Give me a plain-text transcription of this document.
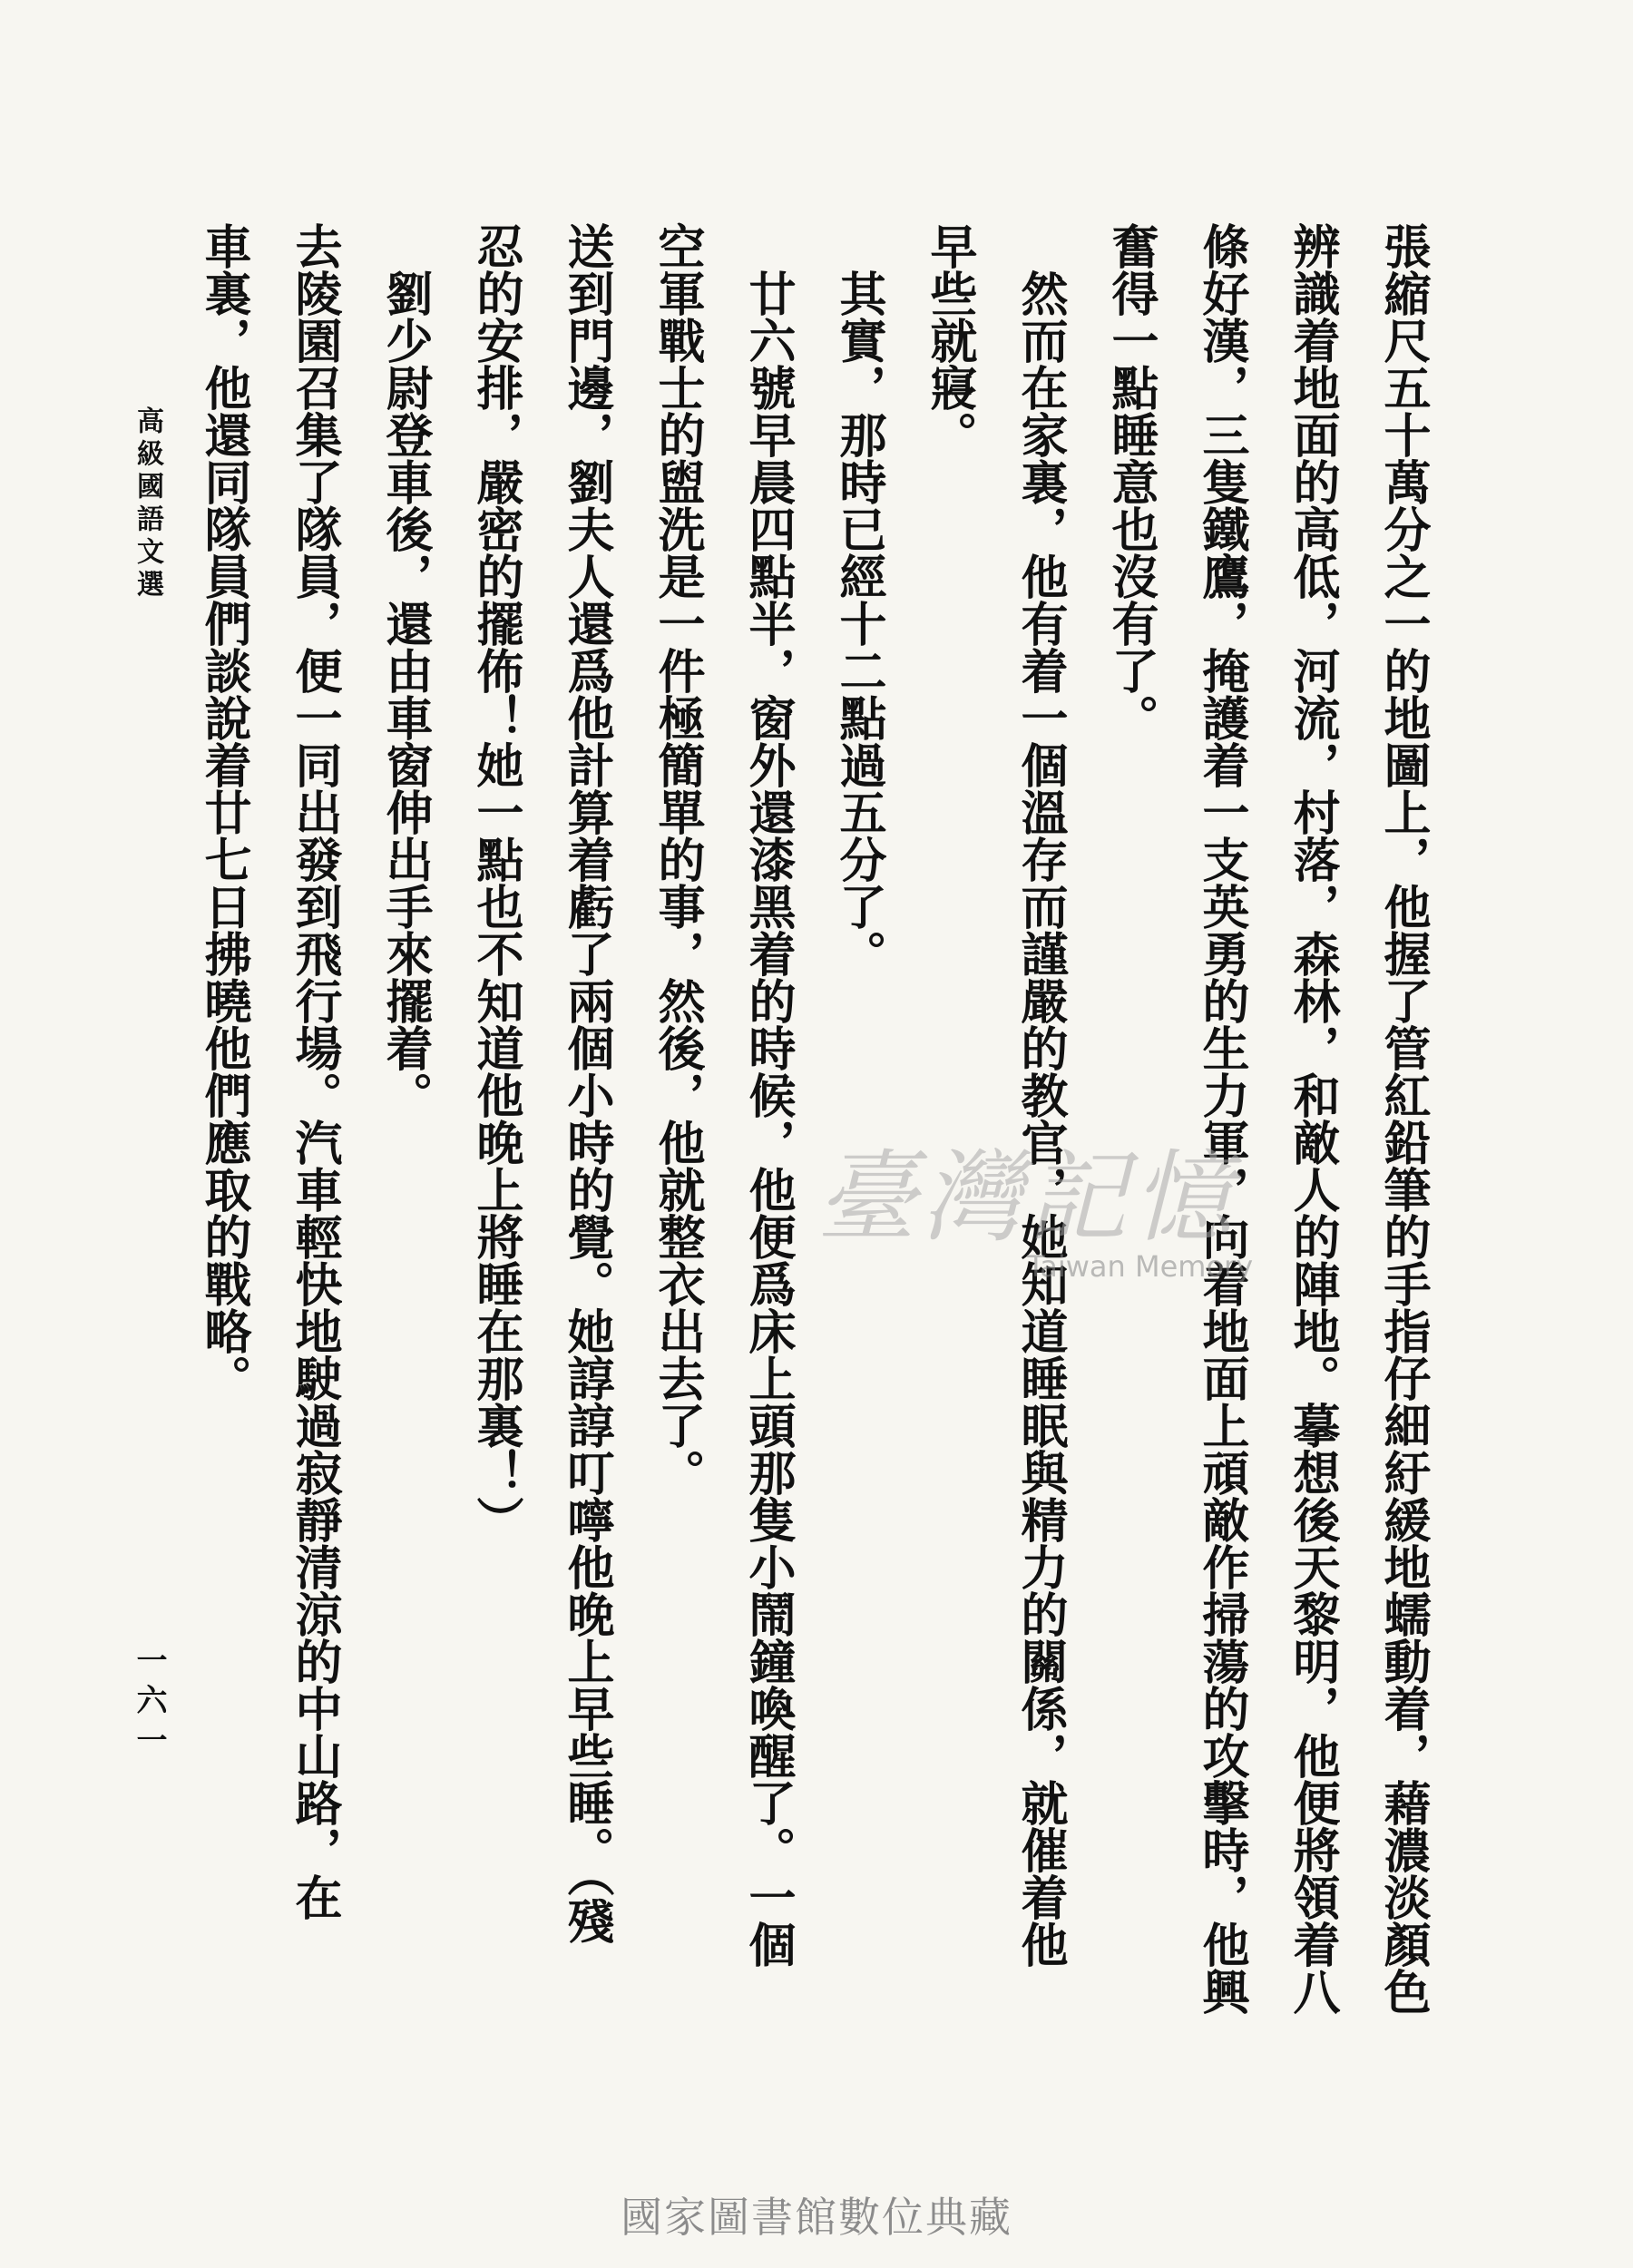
張縮尺五十萬分之一的地圖上，他握了管紅鉛筆的手指仔細紆緩地蠕動着，藉濃淡顏色
辨識着地面的高低，河流，村落，森林，和敵人的陣地。摹想後天黎明，他便將領着八
條好漢，三隻鐵鷹，掩護着一支英勇的生力軍，向着地面上頑敵作掃蕩的攻擊時，他興
奮得一點睡意也沒有了。
　然而在家裏，他有着一個溫存而謹嚴的教官，她知道睡眠與精力的關係，就催着他
早些就寢。
　其實，那時已經十二點過五分了。
　廿六號早晨四點半，窗外還漆黑着的時候，他便爲床上頭那隻小鬧鐘喚醒了。一個
空軍戰士的盥洗是一件極簡單的事，然後，他就整衣出去了。
送到門邊，劉夫人還爲他計算着虧了兩個小時的覺。她諄諄叮嚀他晚上早些睡。（殘
忍的安排，嚴密的擺佈！她一點也不知道他晚上將睡在那裏！）
　劉少尉登車後，還由車窗伸出手來擺着。
去陵園召集了隊員，便一同出發到飛行場。汽車輕快地駛過寂靜清涼的中山路，在
車裏，他還同隊員們談說着廿七日拂曉他們應取的戰略。
高級國語文選
一六一
臺灣記憶
Taiwan Memory
國家圖書館數位典藏
